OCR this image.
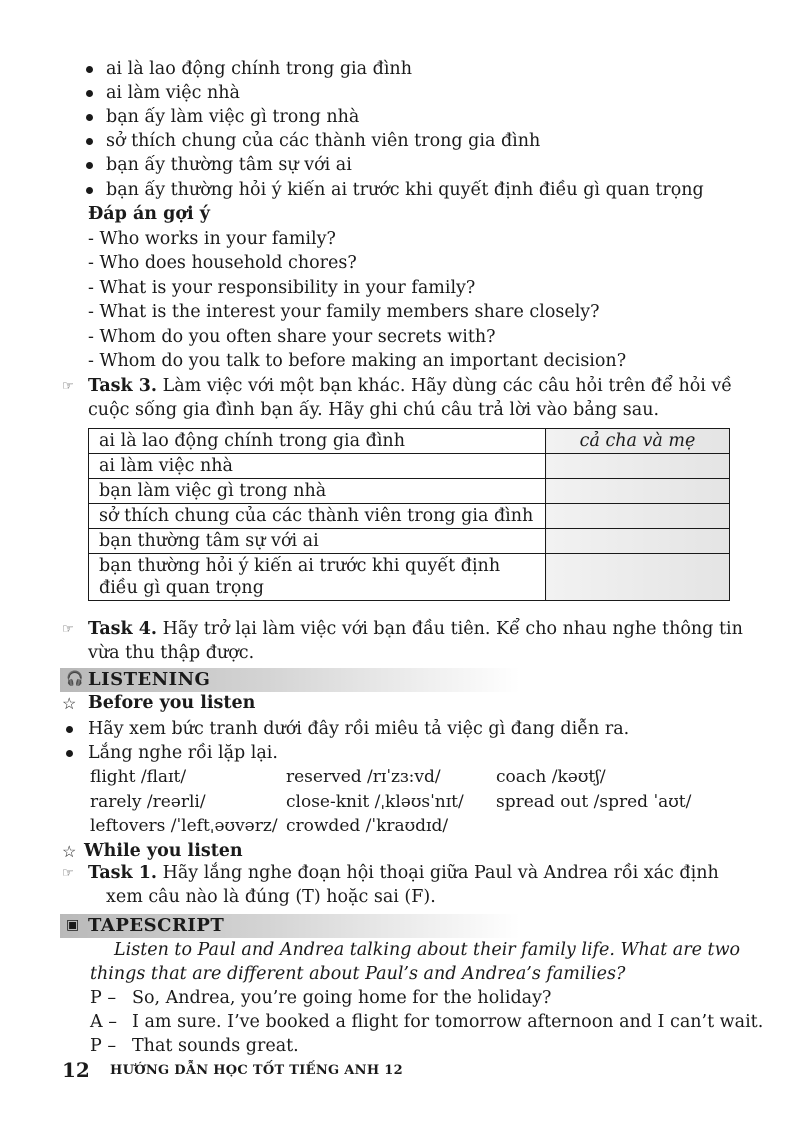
ai là lao động chính trong gia đình
ai làm việc nhà
bạn ấy làm việc gì trong nhà
sở thích chung của các thành viên trong gia đình
bạn ấy thường tâm sự với ai
bạn ấy thường hỏi ý kiến ai trước khi quyết định điều gì quan trọng
Đáp án gợi ý
- Who works in your family?
- Who does household chores?
- What is your responsibility in your family?
- What is the interest your family members share closely?
- Whom do you often share your secrets with?
- Whom do you talk to before making an important decision?
☞ Task 3. Làm việc với một bạn khác. Hãy dùng các câu hỏi trên để hỏi về
cuộc sống gia đình bạn ấy. Hãy ghi chú câu trả lời vào bảng sau.
ai là lao động chính trong gia đình	cả cha và mẹ
ai làm việc nhà	
bạn làm việc gì trong nhà	
sở thích chung của các thành viên trong gia đình	
bạn thường tâm sự với ai	

bạn thường hỏi ý kiến ai trước khi quyết định
điều gì quan trọng	

☞ Task 4. Hãy trở lại làm việc với bạn đầu tiên. Kể cho nhau nghe thông tin
vừa thu thập được.
🎧 LISTENING
☆ Before you listen
Hãy xem bức tranh dưới đây rồi miêu tả việc gì đang diễn ra.
Lắng nghe rồi lặp lại.
flight /flaɪt/	reserved /rɪˈzɜ:vd/	coach /kəʊtʃ/
rarely /reərli/	close-knit /ˌkləʊsˈnɪt/ spread out /spred ˈaʊt/
leftovers /ˈleftˌəʊvərz/ crowded /ˈkraʊdɪd/
☆ While you listen
☞ Task 1. Hãy lắng nghe đoạn hội thoại giữa Paul và Andrea rồi xác định
xem câu nào là đúng (T) hoặc sai (F).
▣ TAPESCRIPT
Listen to Paul and Andrea talking about their family life. What are two
things that are different about Paul’s and Andrea’s families?
P – So, Andrea, you’re going home for the holiday?
A – I am sure. I’ve booked a flight for tomorrow afternoon and I can’t wait.
P – That sounds great.
12 HƯỚNG DẪN HỌC TỐT TIẾNG ANH 12
